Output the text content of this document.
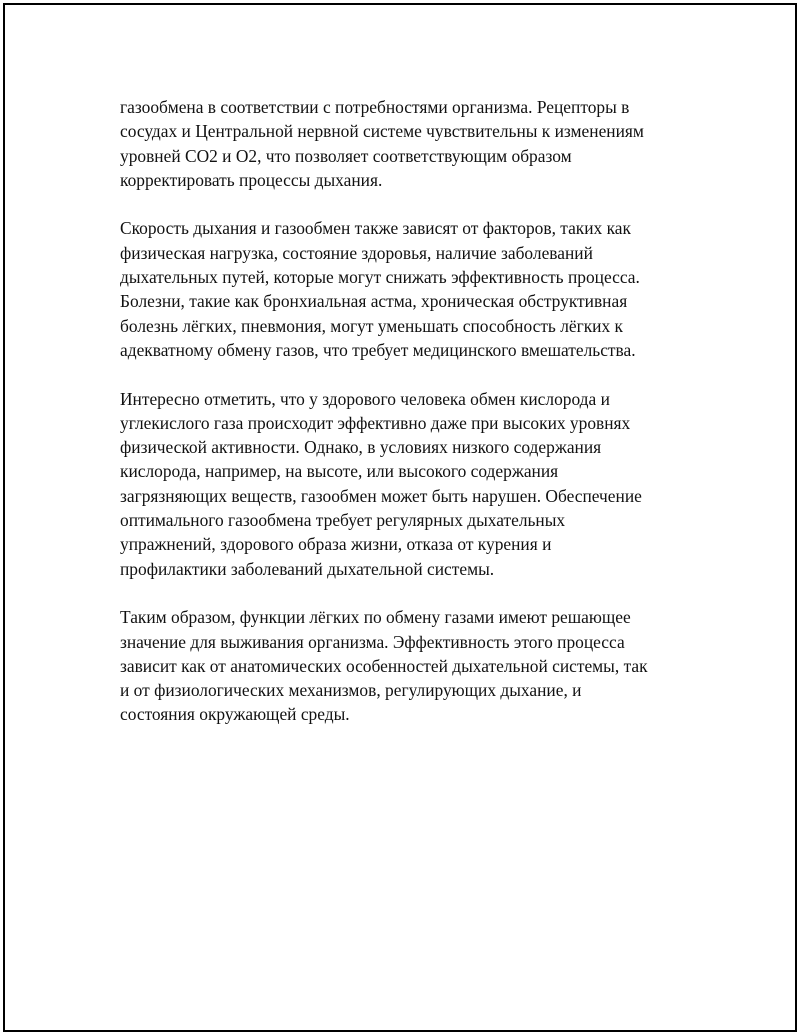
газообмена в соответствии с потребностями организма. Рецепторы в
сосудах и Центральной нервной системе чувствительны к изменениям
уровней CO2 и O2, что позволяет соответствующим образом
корректировать процессы дыхания.

Скорость дыхания и газообмен также зависят от факторов, таких как
физическая нагрузка, состояние здоровья, наличие заболеваний
дыхательных путей, которые могут снижать эффективность процесса.
Болезни, такие как бронхиальная астма, хроническая обструктивная
болезнь лёгких, пневмония, могут уменьшать способность лёгких к
адекватному обмену газов, что требует медицинского вмешательства.

Интересно отметить, что у здорового человека обмен кислорода и
углекислого газа происходит эффективно даже при высоких уровнях
физической активности. Однако, в условиях низкого содержания
кислорода, например, на высоте, или высокого содержания
загрязняющих веществ, газообмен может быть нарушен. Обеспечение
оптимального газообмена требует регулярных дыхательных
упражнений, здорового образа жизни, отказа от курения и
профилактики заболеваний дыхательной системы.

Таким образом, функции лёгких по обмену газами имеют решающее
значение для выживания организма. Эффективность этого процесса
зависит как от анатомических особенностей дыхательной системы, так
и от физиологических механизмов, регулирующих дыхание, и
состояния окружающей среды.
